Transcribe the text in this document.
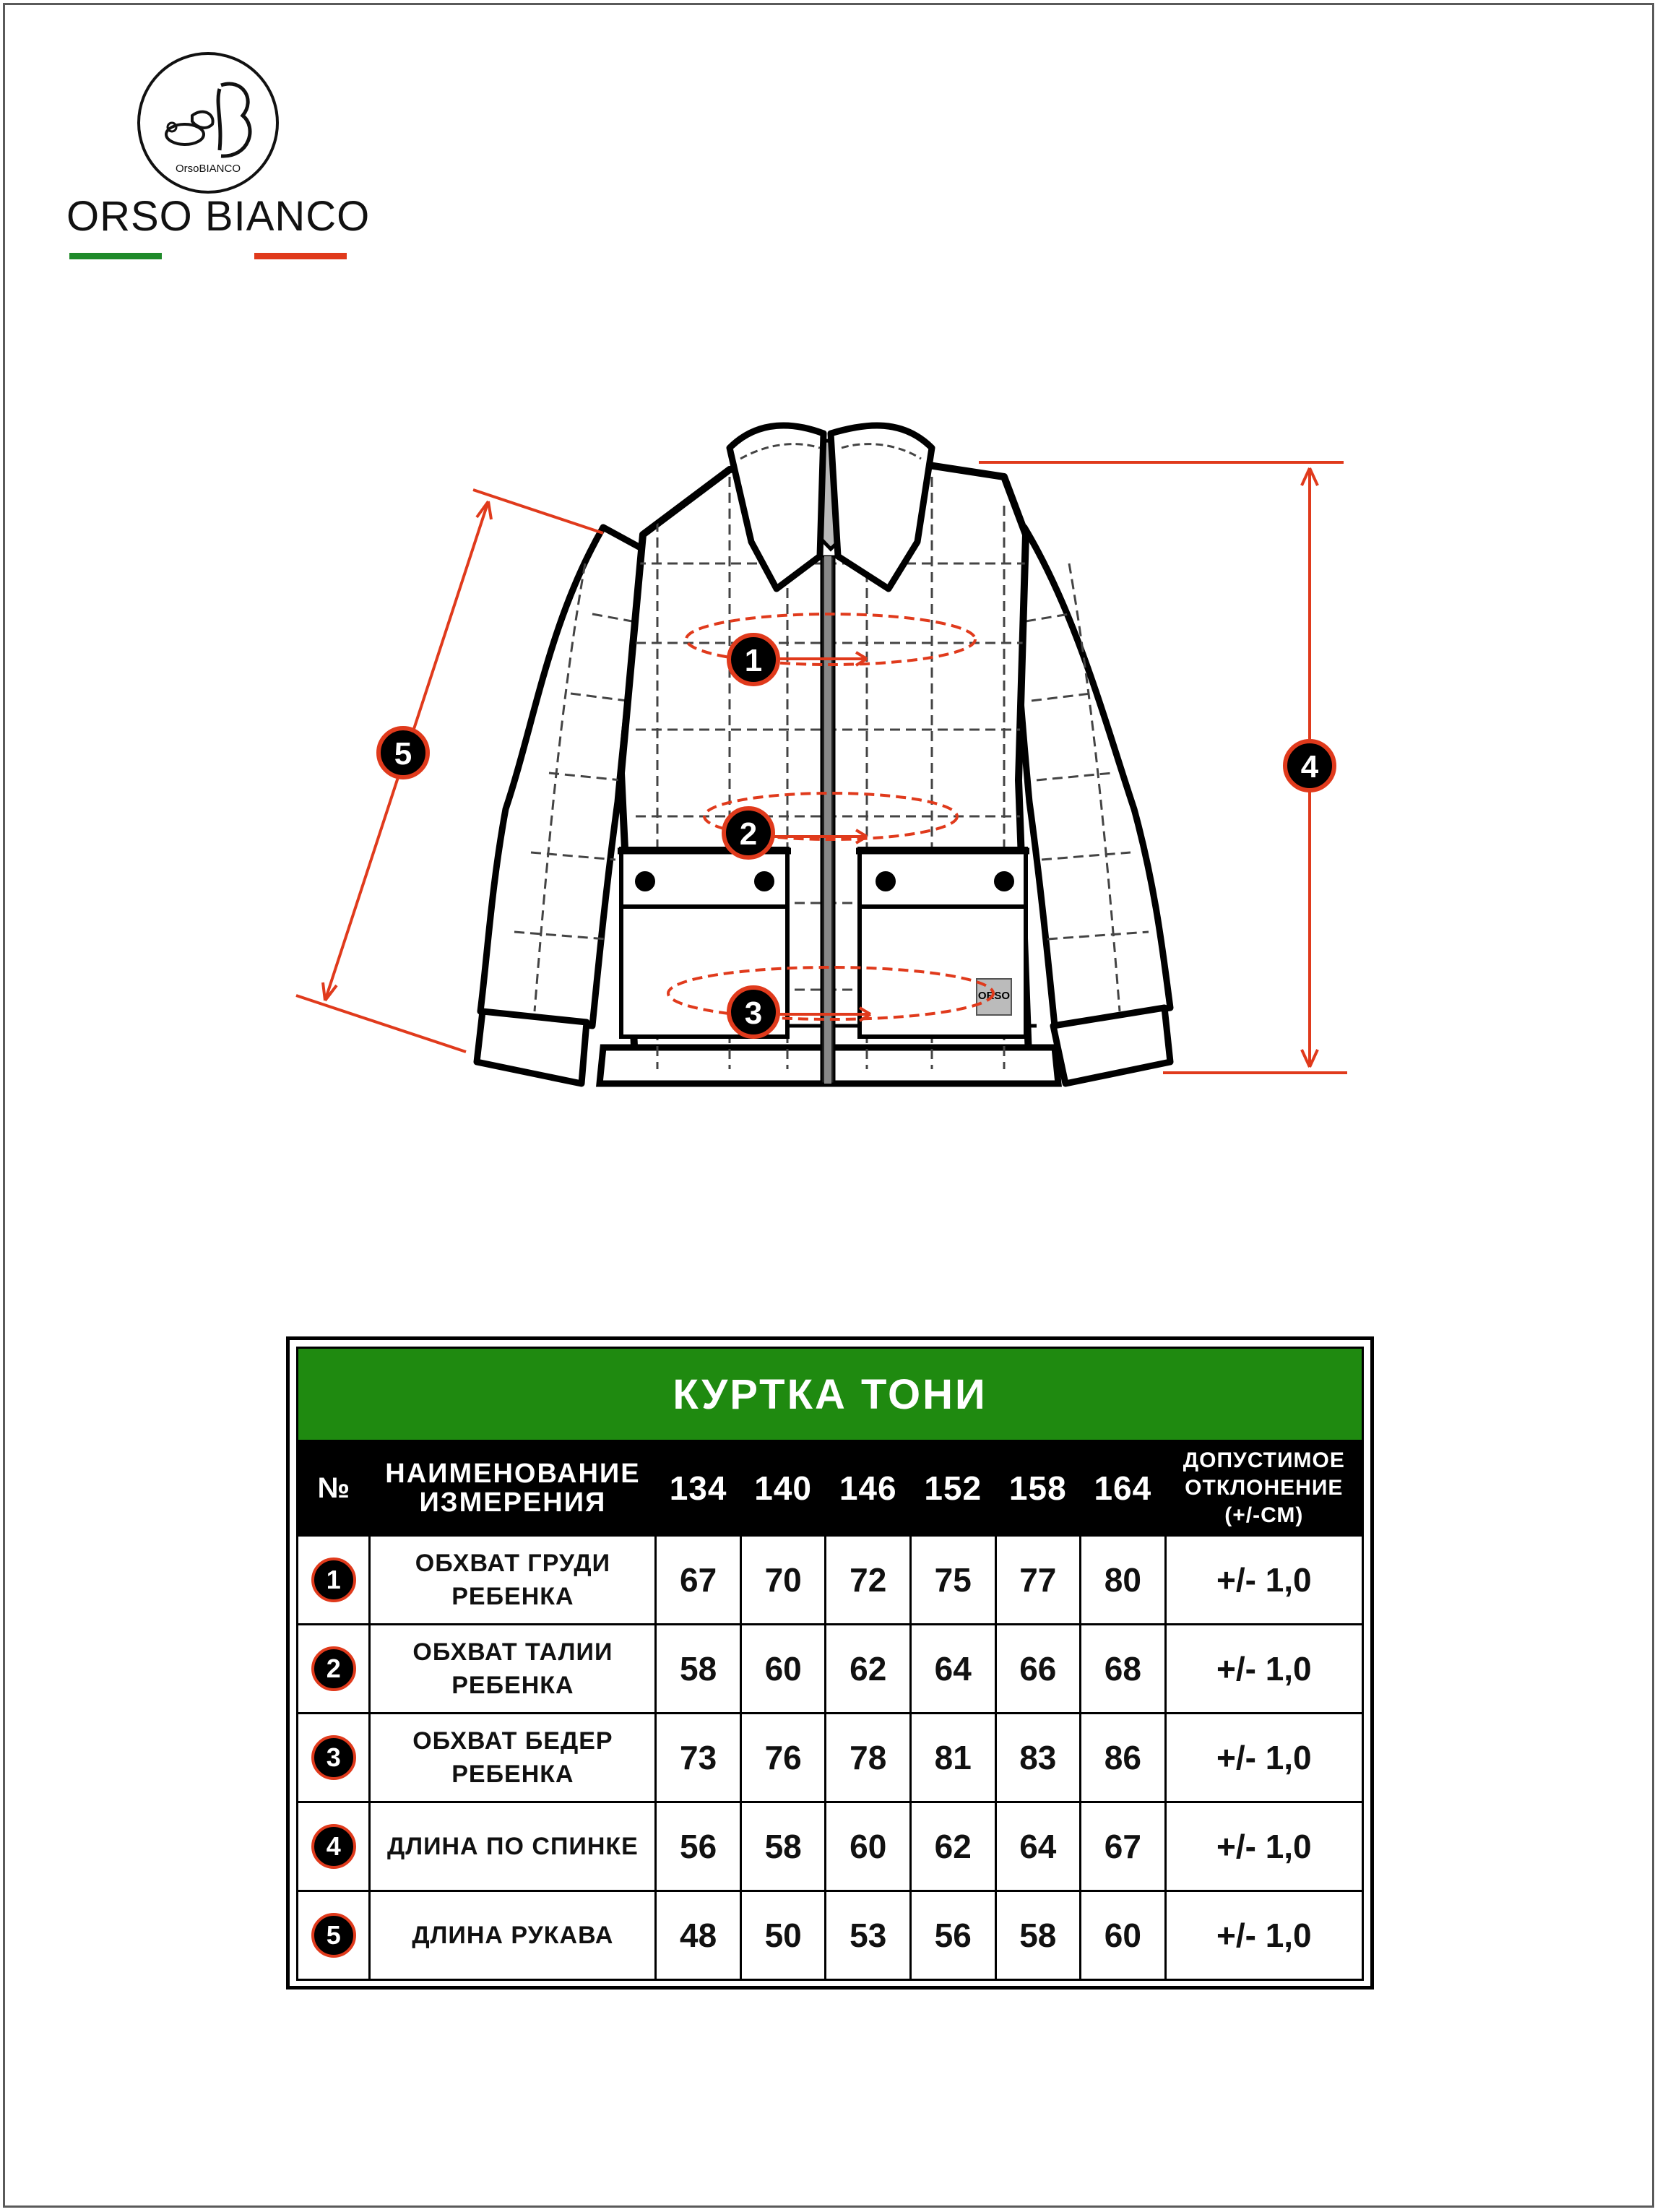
OrsoBIANCO
ORSO BIANCO
ORSO
1
2
3
4
5
КУРТКА ТОНИ								
№	НАИМЕНОВАНИЕ ИЗМЕРЕНИЯ	134	140	146	152	158	164	ДОПУСТИМОЕ ОТКЛОНЕНИЕ (+/-СМ)
1	ОБХВАТ ГРУДИ РЕБЕНКА	67	70	72	75	77	80	+/- 1,0
2	ОБХВАТ ТАЛИИ РЕБЕНКА	58	60	62	64	66	68	+/- 1,0
3	ОБХВАТ БЕДЕР РЕБЕНКА	73	76	78	81	83	86	+/- 1,0
4	ДЛИНА ПО СПИНКЕ	56	58	60	62	64	67	+/- 1,0
5	ДЛИНА РУКАВА	48	50	53	56	58	60	+/- 1,0
